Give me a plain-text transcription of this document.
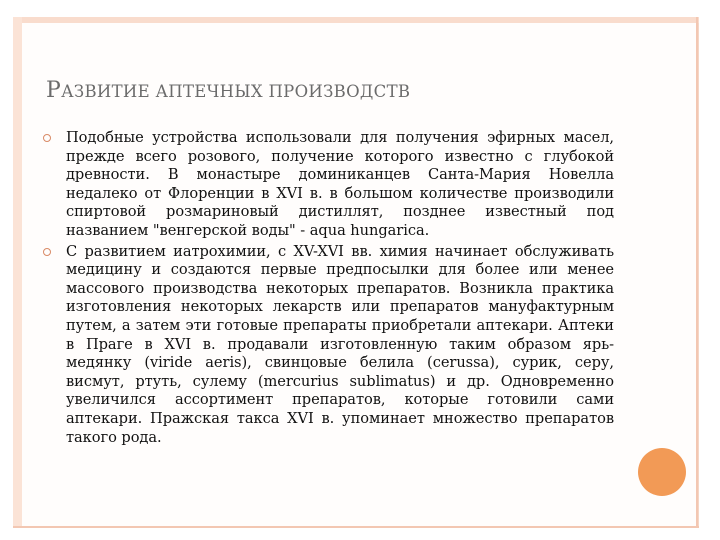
РАЗВИТИЕ АПТЕЧНЫХ ПРОИЗВОДСТВ
Подобные устройства использовали для получения эфирных масел, прежде всего розового, получение которого известно с глубокой древности. В монастыре доминиканцев Санта-Мария Новелла недалеко от Флоренции в XVI в. в большом количестве производили спиртовой розмариновый дистиллят, позднее известный под названием "венгерской воды" - aqua hungarica.
С развитием иатрохимии, с XV-XVI вв. химия начинает обслуживать медицину и создаются первые предпосылки для более или менее массового производства некоторых препаратов. Возникла практика изготовления некоторых лекарств или препаратов мануфактурным путем, а затем эти готовые препараты приобретали аптекари. Аптеки в Праге в XVI в. продавали изготовленную таким образом ярь-медянку (viride aeris), свинцовые белила (cerussa), сурик, серу, висмут, ртуть, сулему (mercurius sublimatus) и др. Одновременно увеличился ассортимент препаратов, которые готовили сами аптекари. Пражская такса XVI в. упоминает множество препаратов такого рода.
